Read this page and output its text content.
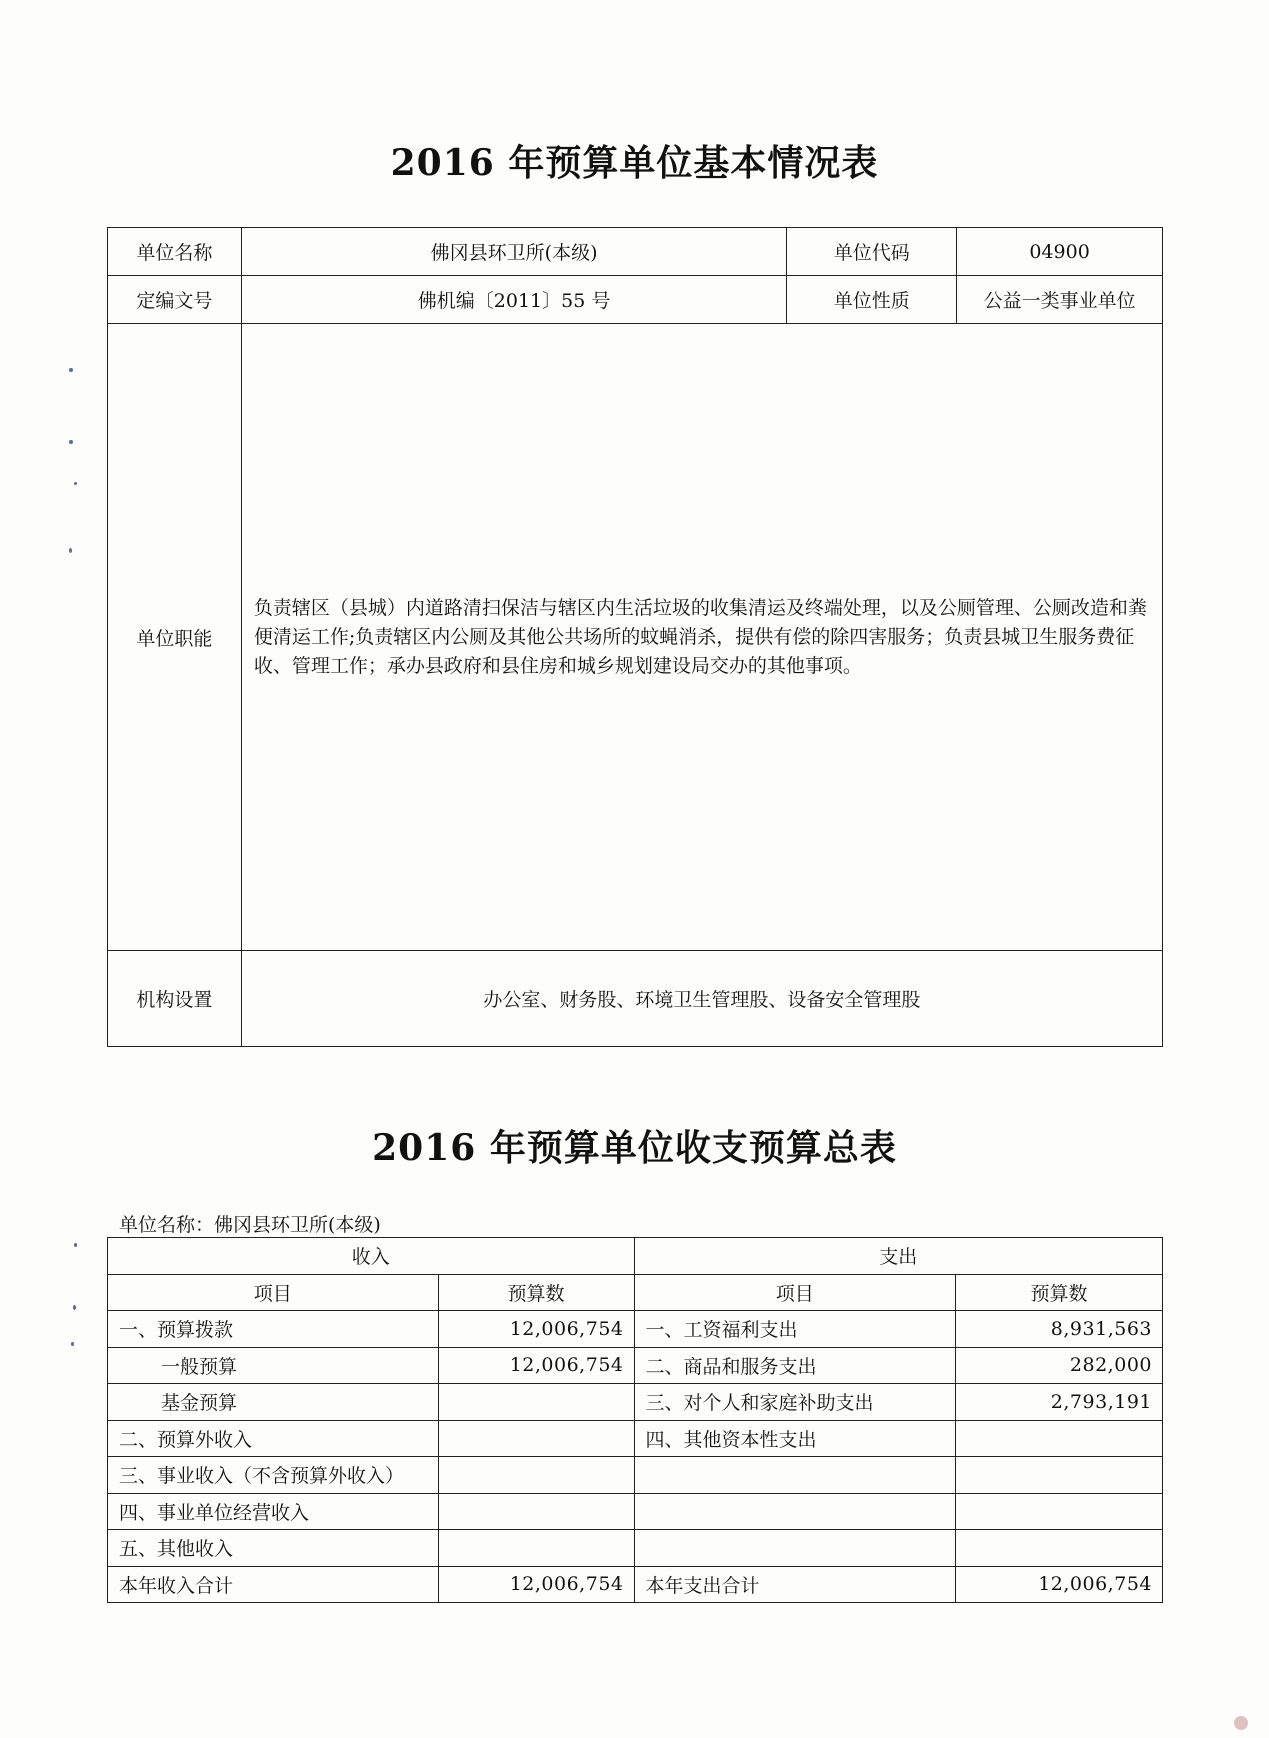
2016 年预算单位基本情况表
单位名称	佛冈县环卫所(本级)	单位代码	04900
定编文号	佛机编〔2011〕55 号	单位性质	公益一类事业单位
单位职能	负责辖区（县城）内道路清扫保洁与辖区内生活垃圾的收集清运及终端处理，以及公厕管理、公厕改造和粪便清运工作;负责辖区内公厕及其他公共场所的蚊蝇消杀，提供有偿的除四害服务；负责县城卫生服务费征收、管理工作；承办县政府和县住房和城乡规划建设局交办的其他事项。		
机构设置	办公室、财务股、环境卫生管理股、设备安全管理股		
2016 年预算单位收支预算总表
单位名称：佛冈县环卫所(本级)
收入		支出	
项目	预算数	项目	预算数
一、预算拨款	12,006,754	一、工资福利支出	8,931,563
一般预算	12,006,754	二、商品和服务支出	282,000
基金预算		三、对个人和家庭补助支出	2,793,191
二、预算外收入		四、其他资本性支出	
三、事业收入（不含预算外收入）			
四、事业单位经营收入			
五、其他收入			
本年收入合计	12,006,754	本年支出合计	12,006,754
